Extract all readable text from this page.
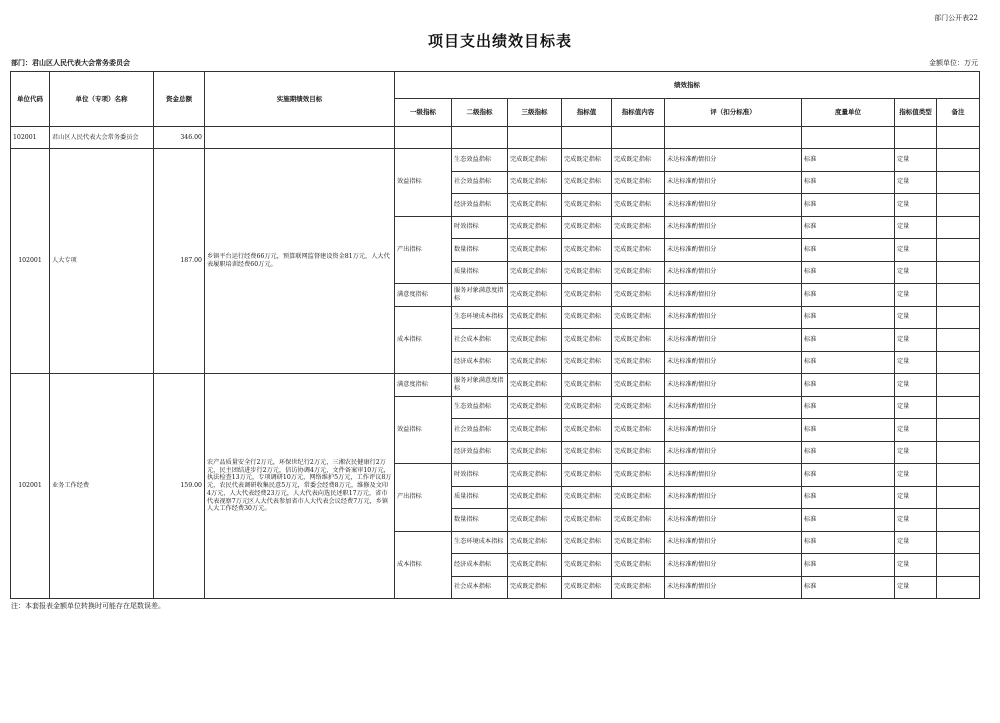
部门公开表22
项目支出绩效目标表
部门：君山区人民代表大会常务委员会	金额单位：万元
单位代码	单位（专项）名称	资金总额	实施期绩效目标	绩效指标								
				一级指标	二级指标	三级指标	指标值	指标值内容	评（扣分标准）	度量单位	指标值类型	备注
102001	君山区人民代表大会常务委员会	346.00										
102001	人大专项	187.00	乡镇平台运行经费66万元，预算联网监督建设资金81万元，人大代表履职培训经费60万元。	效益指标	生态效益指标	完成既定指标	完成既定指标	完成既定指标	未达标准酌情扣分	标准	定量	
					社会效益指标	完成既定指标	完成既定指标	完成既定指标	未达标准酌情扣分	标准	定量	
					经济效益指标	完成既定指标	完成既定指标	完成既定指标	未达标准酌情扣分	标准	定量	
				产出指标	时效指标	完成既定指标	完成既定指标	完成既定指标	未达标准酌情扣分	标准	定量	
					数量指标	完成既定指标	完成既定指标	完成既定指标	未达标准酌情扣分	标准	定量	
					质量指标	完成既定指标	完成既定指标	完成既定指标	未达标准酌情扣分	标准	定量	
				满意度指标	服务对象满意度指标	完成既定指标	完成既定指标	完成既定指标	未达标准酌情扣分	标准	定量	
				成本指标	生态环境成本指标	完成既定指标	完成既定指标	完成既定指标	未达标准酌情扣分	标准	定量	
					社会成本指标	完成既定指标	完成既定指标	完成既定指标	未达标准酌情扣分	标准	定量	
					经济成本指标	完成既定指标	完成既定指标	完成既定指标	未达标准酌情扣分	标准	定量	
102001	业务工作经费	159.00	农产品质量安全行2万元，环保世纪行2万元，三湘农民健康行2万元，民主团结进步行2万元，信访协调4万元，文件备案审10万元，执法检查13万元，专项调研10万元，网络维护5万元，工作评议8万元，农民代表调研收集民意5万元，常委会经费8万元，维修及文印4万元，人大代表经费23万元，人大代表向选民述职17万元，省市代表视察7万元区人大代表参加省市人大代表会议经费7万元，乡镇人大工作经费30万元。	满意度指标	服务对象满意度指标	完成既定指标	完成既定指标	完成既定指标	未达标准酌情扣分	标准	定量	
				效益指标	生态效益指标	完成既定指标	完成既定指标	完成既定指标	未达标准酌情扣分	标准	定量	
					社会效益指标	完成既定指标	完成既定指标	完成既定指标	未达标准酌情扣分	标准	定量	
					经济效益指标	完成既定指标	完成既定指标	完成既定指标	未达标准酌情扣分	标准	定量	
				产出指标	时效指标	完成既定指标	完成既定指标	完成既定指标	未达标准酌情扣分	标准	定量	
					质量指标	完成既定指标	完成既定指标	完成既定指标	未达标准酌情扣分	标准	定量	
					数量指标	完成既定指标	完成既定指标	完成既定指标	未达标准酌情扣分	标准	定量	
				成本指标	生态环境成本指标	完成既定指标	完成既定指标	完成既定指标	未达标准酌情扣分	标准	定量	
					经济成本指标	完成既定指标	完成既定指标	完成既定指标	未达标准酌情扣分	标准	定量	
					社会成本指标	完成既定指标	完成既定指标	完成既定指标	未达标准酌情扣分	标准	定量	
注：本套报表金额单位转换时可能存在尾数误差。
